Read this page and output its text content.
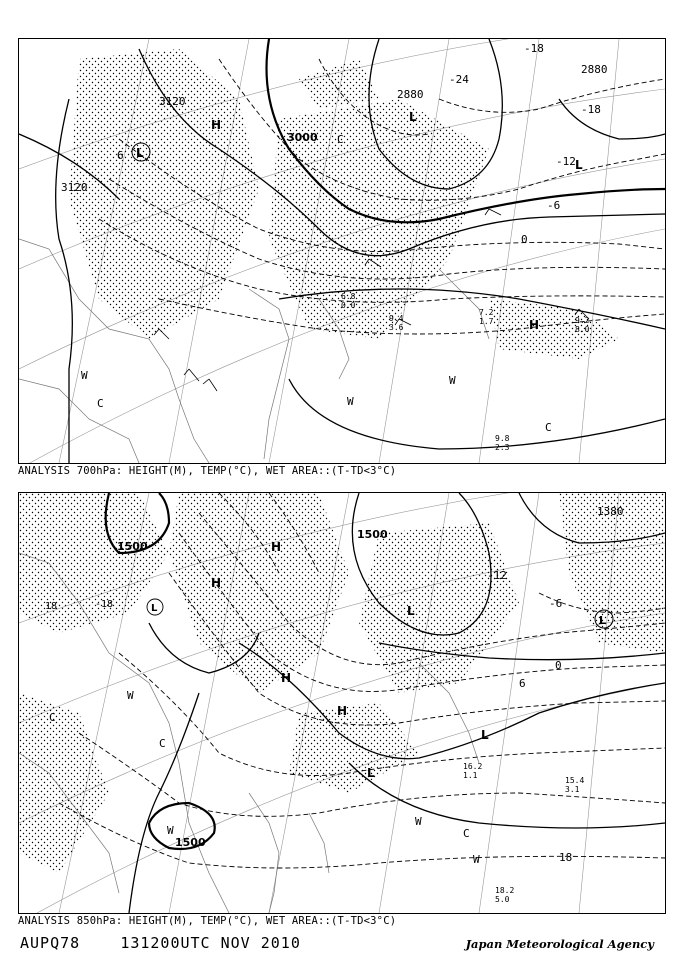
3120
3120
3000
2880
2880
-24
-18
-18
-12
-6
0
6
H
L
L
L
H
W
W
W
C
C
C
9.8
2.3
7.2
1.7	9.2
8.0
6.8
0.0
9.4
3.6
ANALYSIS 700hPa: HEIGHT(M), TEMP(°C), WET AREA::(T-TD<3°C)
1500
1500
1500
1380
-12
-6
0
6
18
-18
18
H
H
H
H
L
L
L
L
L
W
W
W
W
C
C
C
18.2
5.0
15.4
3.1
16.2
1.1
ANALYSIS 850hPa: HEIGHT(M), TEMP(°C), WET AREA::(T-TD<3°C)
AUPQ78	131200UTC NOV 2010	Japan Meteorological Agency
